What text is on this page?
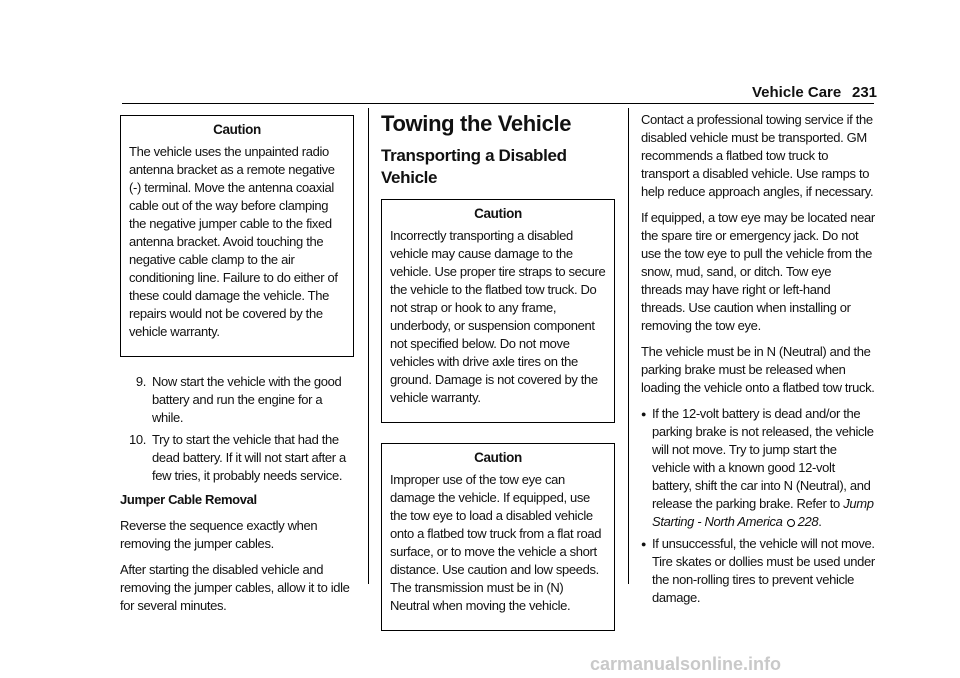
Vehicle Care 231
Caution

The vehicle uses the unpainted radio antenna bracket as a remote negative (-) terminal. Move the antenna coaxial cable out of the way before clamping the negative jumper cable to the fixed antenna bracket. Avoid touching the negative cable clamp to the air conditioning line. Failure to do either of these could damage the vehicle. The repairs would not be covered by the vehicle warranty.

9. Now start the vehicle with the good battery and run the engine for a while.
10. Try to start the vehicle that had the dead battery. If it will not start after a few tries, it probably needs service.

Jumper Cable Removal

Reverse the sequence exactly when removing the jumper cables.

After starting the disabled vehicle and removing the jumper cables, allow it to idle for several minutes.

Towing the Vehicle
Transporting a Disabled Vehicle
Caution

Incorrectly transporting a disabled vehicle may cause damage to the vehicle. Use proper tire straps to secure the vehicle to the flatbed tow truck. Do not strap or hook to any frame, underbody, or suspension component not specified below. Do not move vehicles with drive axle tires on the ground. Damage is not covered by the vehicle warranty.

Caution

Improper use of the tow eye can damage the vehicle. If equipped, use the tow eye to load a disabled vehicle onto a flatbed tow truck from a flat road surface, or to move the vehicle a short distance. Use caution and low speeds. The transmission must be in (N) Neutral when moving the vehicle.

Contact a professional towing service if the disabled vehicle must be transported. GM recommends a flatbed tow truck to transport a disabled vehicle. Use ramps to help reduce approach angles, if necessary.

If equipped, a tow eye may be located near the spare tire or emergency jack. Do not use the tow eye to pull the vehicle from the snow, mud, sand, or ditch. Tow eye threads may have right or left-hand threads. Use caution when installing or removing the tow eye.

The vehicle must be in N (Neutral) and the parking brake must be released when loading the vehicle onto a flatbed tow truck.

● If the 12-volt battery is dead and/or the parking brake is not released, the vehicle will not move. Try to jump start the vehicle with a known good 12-volt battery, shift the car into N (Neutral), and release the parking brake. Refer to Jump Starting - North America 228.
● If unsuccessful, the vehicle will not move. Tire skates or dollies must be used under the non-rolling tires to prevent vehicle damage.
carmanualsonline.info
